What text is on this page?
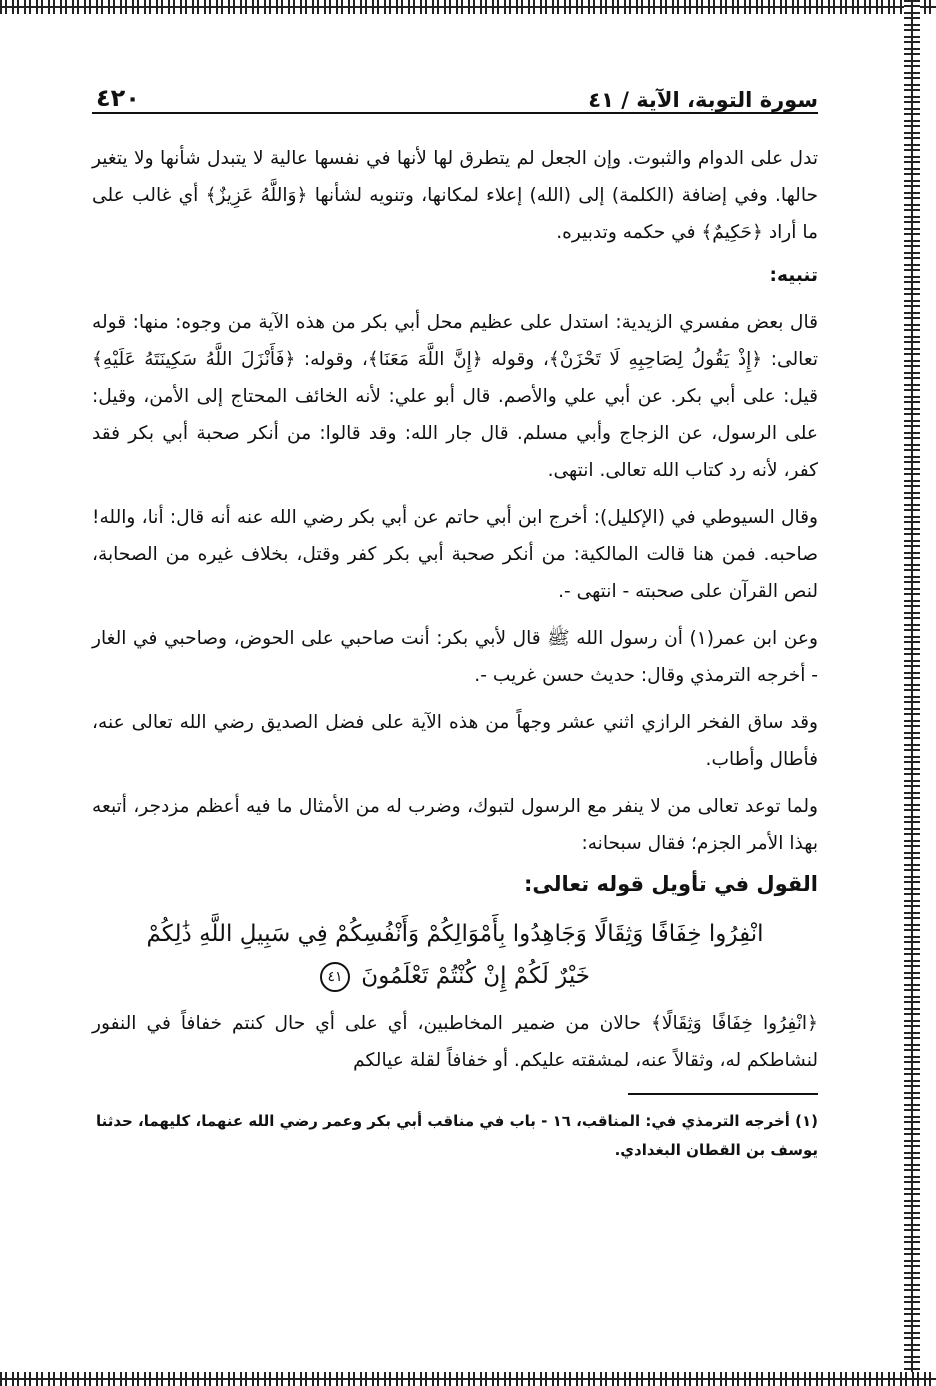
سورة التوبة، الآية / ٤١
٤٢٠

تدل على الدوام والثبوت. وإن الجعل لم يتطرق لها لأنها في نفسها عالية لا يتبدل شأنها ولا يتغير حالها. وفي إضافة (الكلمة) إلى (الله) إعلاء لمكانها، وتنويه لشأنها ﴿وَاللَّهُ عَزِيزٌ﴾ أي غالب على ما أراد ﴿حَكِيمٌ﴾ في حكمه وتدبيره.

تنبيه:

قال بعض مفسري الزيدية: استدل على عظيم محل أبي بكر من هذه الآية من وجوه: منها: قوله تعالى: ﴿إِذْ يَقُولُ لِصَاحِبِهِ لَا تَحْزَنْ﴾، وقوله ﴿إِنَّ اللَّهَ مَعَنَا﴾، وقوله: ﴿فَأَنْزَلَ اللَّهُ سَكِينَتَهُ عَلَيْهِ﴾ قيل: على أبي بكر. عن أبي علي والأصم. قال أبو علي: لأنه الخائف المحتاج إلى الأمن، وقيل: على الرسول، عن الزجاج وأبي مسلم. قال جار الله: وقد قالوا: من أنكر صحبة أبي بكر فقد كفر، لأنه رد كتاب الله تعالى. انتهى.

وقال السيوطي في (الإكليل): أخرج ابن أبي حاتم عن أبي بكر رضي الله عنه أنه قال: أنا، والله! صاحبه. فمن هنا قالت المالكية: من أنكر صحبة أبي بكر كفر وقتل، بخلاف غيره من الصحابة، لنص القرآن على صحبته - انتهى -.

وعن ابن عمر(١) أن رسول الله ﷺ قال لأبي بكر: أنت صاحبي على الحوض، وصاحبي في الغار - أخرجه الترمذي وقال: حديث حسن غريب -.

وقد ساق الفخر الرازي اثني عشر وجهاً من هذه الآية على فضل الصديق رضي الله تعالى عنه، فأطال وأطاب.

ولما توعد تعالى من لا ينفر مع الرسول لتبوك، وضرب له من الأمثال ما فيه أعظم مزدجر، أتبعه بهذا الأمر الجزم؛ فقال سبحانه:

القول في تأويل قوله تعالى:

انْفِرُوا خِفَافًا وَثِقَالًا وَجَاهِدُوا بِأَمْوَالِكُمْ وَأَنْفُسِكُمْ فِي سَبِيلِ اللَّهِ ذَٰلِكُمْ
خَيْرٌ لَكُمْ إِنْ كُنْتُمْ تَعْلَمُونَ ٤١

﴿انْفِرُوا خِفَافًا وَثِقَالًا﴾ حالان من ضمير المخاطبين، أي على أي حال كنتم خفافاً في النفور لنشاطكم له، وثقالاً عنه، لمشقته عليكم. أو خفافاً لقلة عيالكم

(١) أخرجه الترمذي في: المناقب، ١٦ - باب في مناقب أبي بكر وعمر رضي الله عنهما، كليهما، حدثنا يوسف بن القطان البغدادي.
